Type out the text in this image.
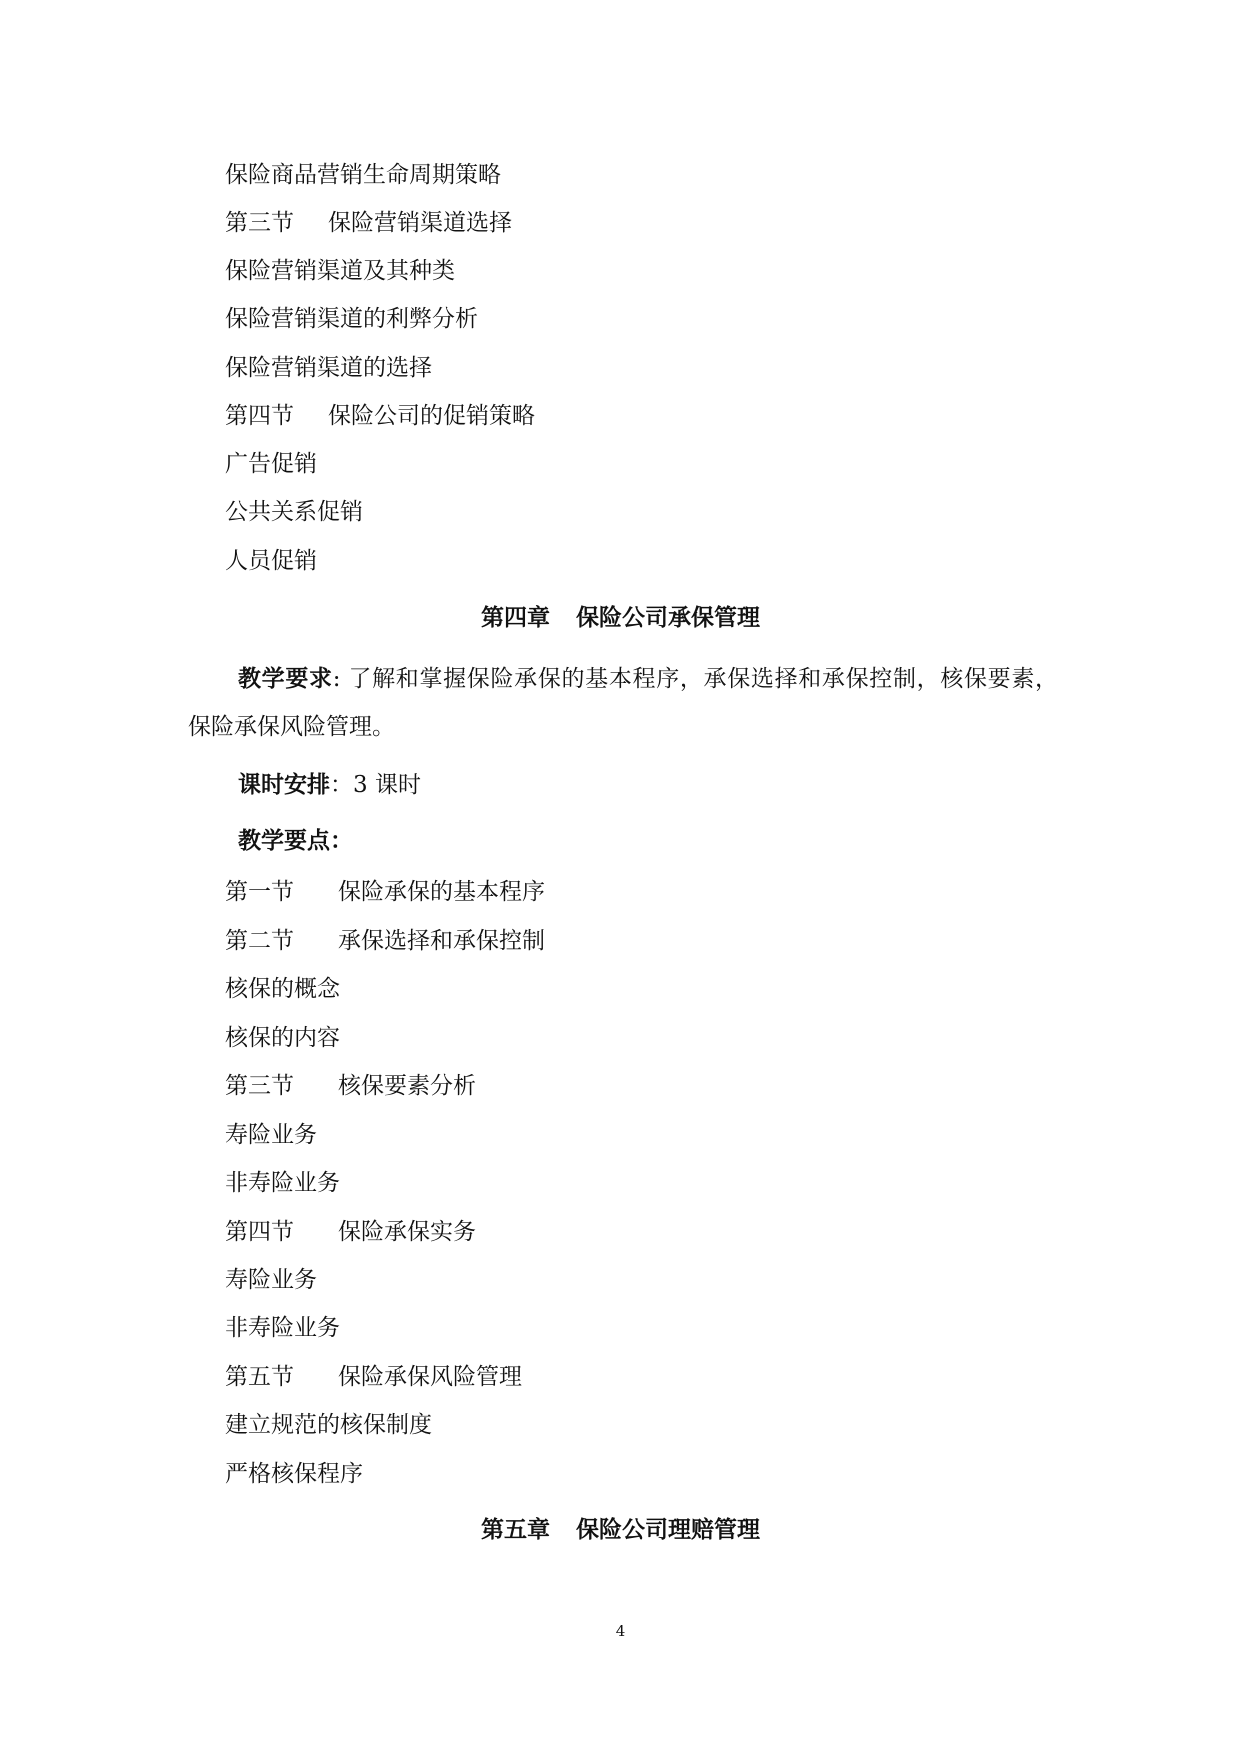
保险商品营销生命周期策略
第三节 保险营销渠道选择
保险营销渠道及其种类
保险营销渠道的利弊分析
保险营销渠道的选择
第四节 保险公司的促销策略
广告促销
公共关系促销
人员促销
第四章 保险公司承保管理
教学要求: 了解和掌握保险承保的基本程序，承保选择和承保控制，核保要素，保险承保风险管理。
课时安排：3 课时
教学要点：
第一节 保险承保的基本程序
第二节 承保选择和承保控制
核保的概念
核保的内容
第三节 核保要素分析
寿险业务
非寿险业务
第四节 保险承保实务
寿险业务
非寿险业务
第五节 保险承保风险管理
建立规范的核保制度
严格核保程序
第五章 保险公司理赔管理
4
